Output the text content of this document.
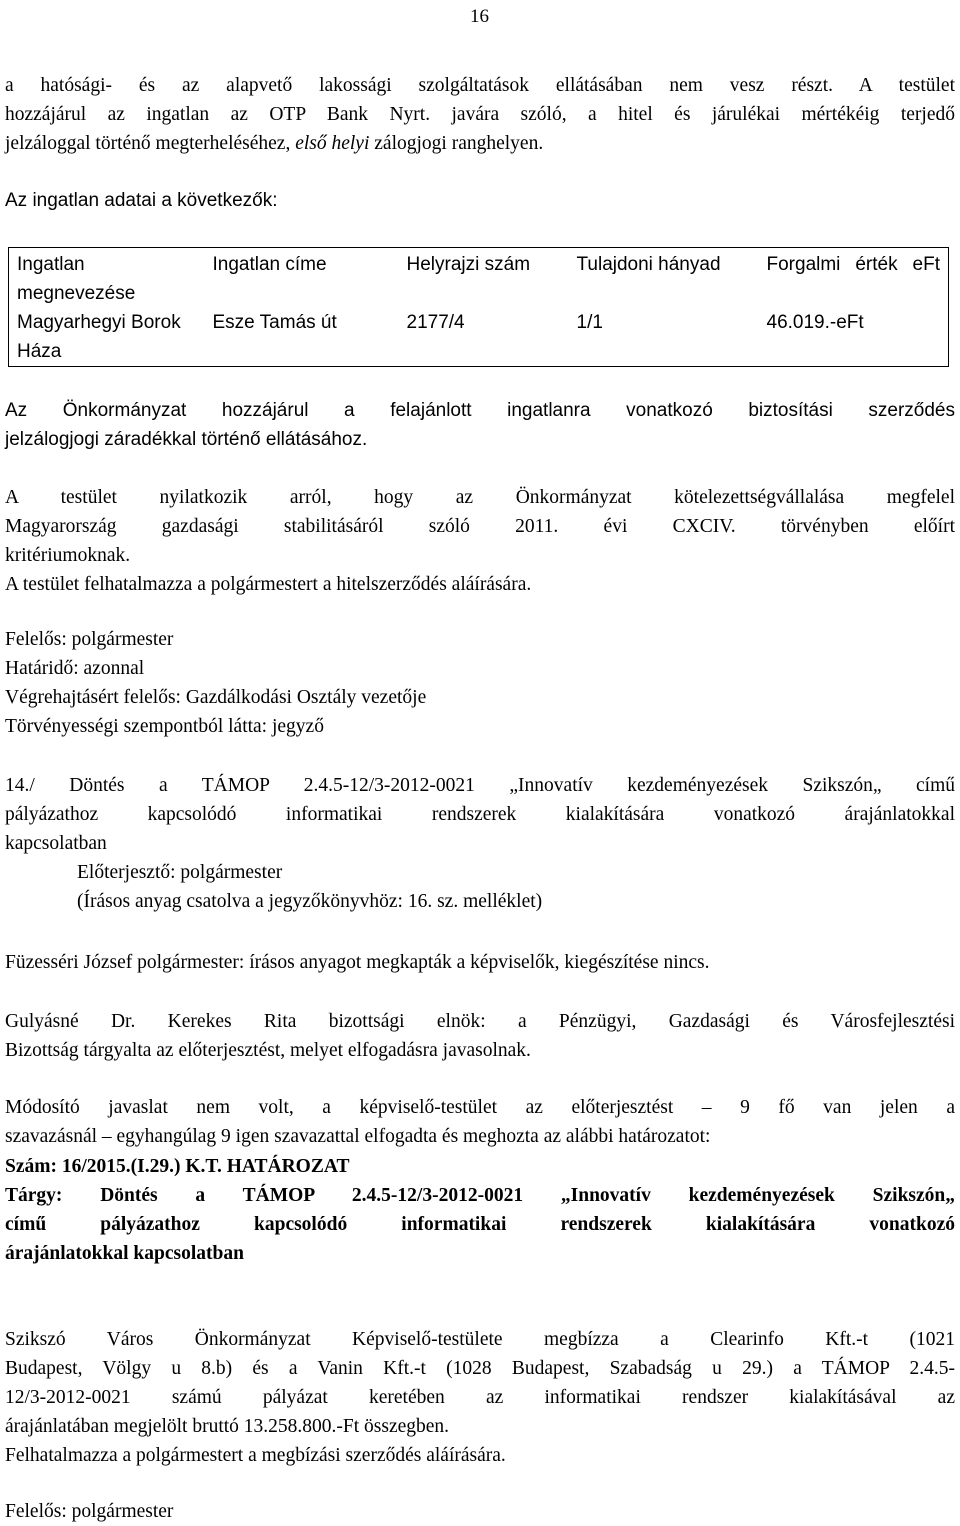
16
a hatósági- és az alapvető lakossági szolgáltatások ellátásában nem vesz részt. A testület
hozzájárul az ingatlan az OTP Bank Nyrt. javára szóló, a hitel és járulékai mértékéig terjedő
jelzáloggal történő megterheléséhez, első helyi zálogjogi ranghelyen.
Az ingatlan adatai a következők:
Ingatlan megnevezése	Ingatlan címe	Helyrajzi szám	Tulajdoni hányad	Forgalmi érték eFt
Magyarhegyi Borok Háza	Esze Tamás út	2177/4	1/1	46.019.-eFt
Az Önkormányzat hozzájárul a felajánlott ingatlanra vonatkozó biztosítási szerződés
jelzálogjogi záradékkal történő ellátásához.
A testület nyilatkozik arról, hogy az Önkormányzat kötelezettségvállalása megfelel
Magyarország gazdasági stabilitásáról szóló 2011. évi CXCIV. törvényben előírt
kritériumoknak.
A testület felhatalmazza a polgármestert a hitelszerződés aláírására.
Felelős: polgármester
Határidő: azonnal
Végrehajtásért felelős: Gazdálkodási Osztály vezetője
Törvényességi szempontból látta: jegyző
14./ Döntés a TÁMOP 2.4.5-12/3-2012-0021 „Innovatív kezdeményezések Szikszón„ című
pályázathoz kapcsolódó informatikai rendszerek kialakítására vonatkozó árajánlatokkal
kapcsolatban
Előterjesztő: polgármester
(Írásos anyag csatolva a jegyzőkönyvhöz: 16. sz. melléklet)
Füzesséri József polgármester: írásos anyagot megkapták a képviselők, kiegészítése nincs.
Gulyásné Dr. Kerekes Rita bizottsági elnök: a Pénzügyi, Gazdasági és Városfejlesztési
Bizottság tárgyalta az előterjesztést, melyet elfogadásra javasolnak.
Módosító javaslat nem volt, a képviselő-testület az előterjesztést – 9 fő van jelen a
szavazásnál – egyhangúlag 9 igen szavazattal elfogadta és meghozta az alábbi határozatot:
Szám: 16/2015.(I.29.) K.T. HATÁROZAT
Tárgy: Döntés a TÁMOP 2.4.5-12/3-2012-0021 „Innovatív kezdeményezések Szikszón„
című pályázathoz kapcsolódó informatikai rendszerek kialakítására vonatkozó
árajánlatokkal kapcsolatban
Szikszó Város Önkormányzat Képviselő-testülete megbízza a Clearinfo Kft.-t (1021
Budapest, Völgy u 8.b) és a Vanin Kft.-t (1028 Budapest, Szabadság u 29.) a TÁMOP 2.4.5-
12/3-2012-0021 számú pályázat keretében az informatikai rendszer kialakításával az
árajánlatában megjelölt bruttó 13.258.800.-Ft összegben.
Felhatalmazza a polgármestert a megbízási szerződés aláírására.
Felelős: polgármester
